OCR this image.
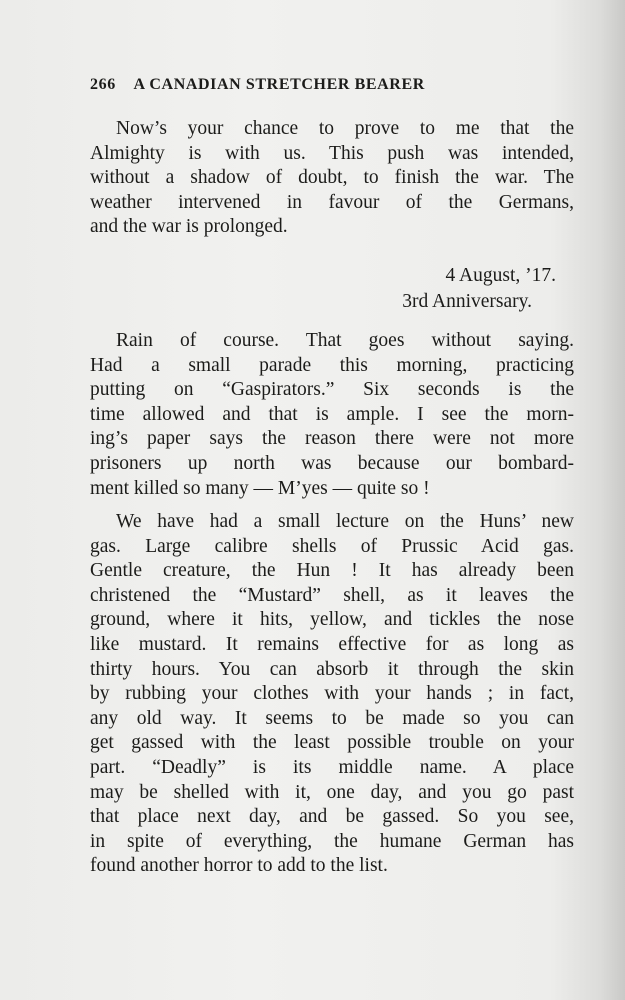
266 A CANADIAN STRETCHER BEARER
Now’s your chance to prove to me that the
Almighty is with us. This push was intended,
without a shadow of doubt, to finish the war. The
weather intervened in favour of the Germans,
and the war is prolonged.
4 August, ’17.
3rd Anniversary.
Rain of course. That goes without saying.
Had a small parade this morning, practicing
putting on “Gaspirators.” Six seconds is the
time allowed and that is ample. I see the morn-
ing’s paper says the reason there were not more
prisoners up north was because our bombard-
ment killed so many — M’yes — quite so !
We have had a small lecture on the Huns’ new
gas. Large calibre shells of Prussic Acid gas.
Gentle creature, the Hun ! It has already been
christened the “Mustard” shell, as it leaves the
ground, where it hits, yellow, and tickles the nose
like mustard. It remains effective for as long as
thirty hours. You can absorb it through the skin
by rubbing your clothes with your hands ; in fact,
any old way. It seems to be made so you can
get gassed with the least possible trouble on your
part. “Deadly” is its middle name. A place
may be shelled with it, one day, and you go past
that place next day, and be gassed. So you see,
in spite of everything, the humane German has
found another horror to add to the list.
